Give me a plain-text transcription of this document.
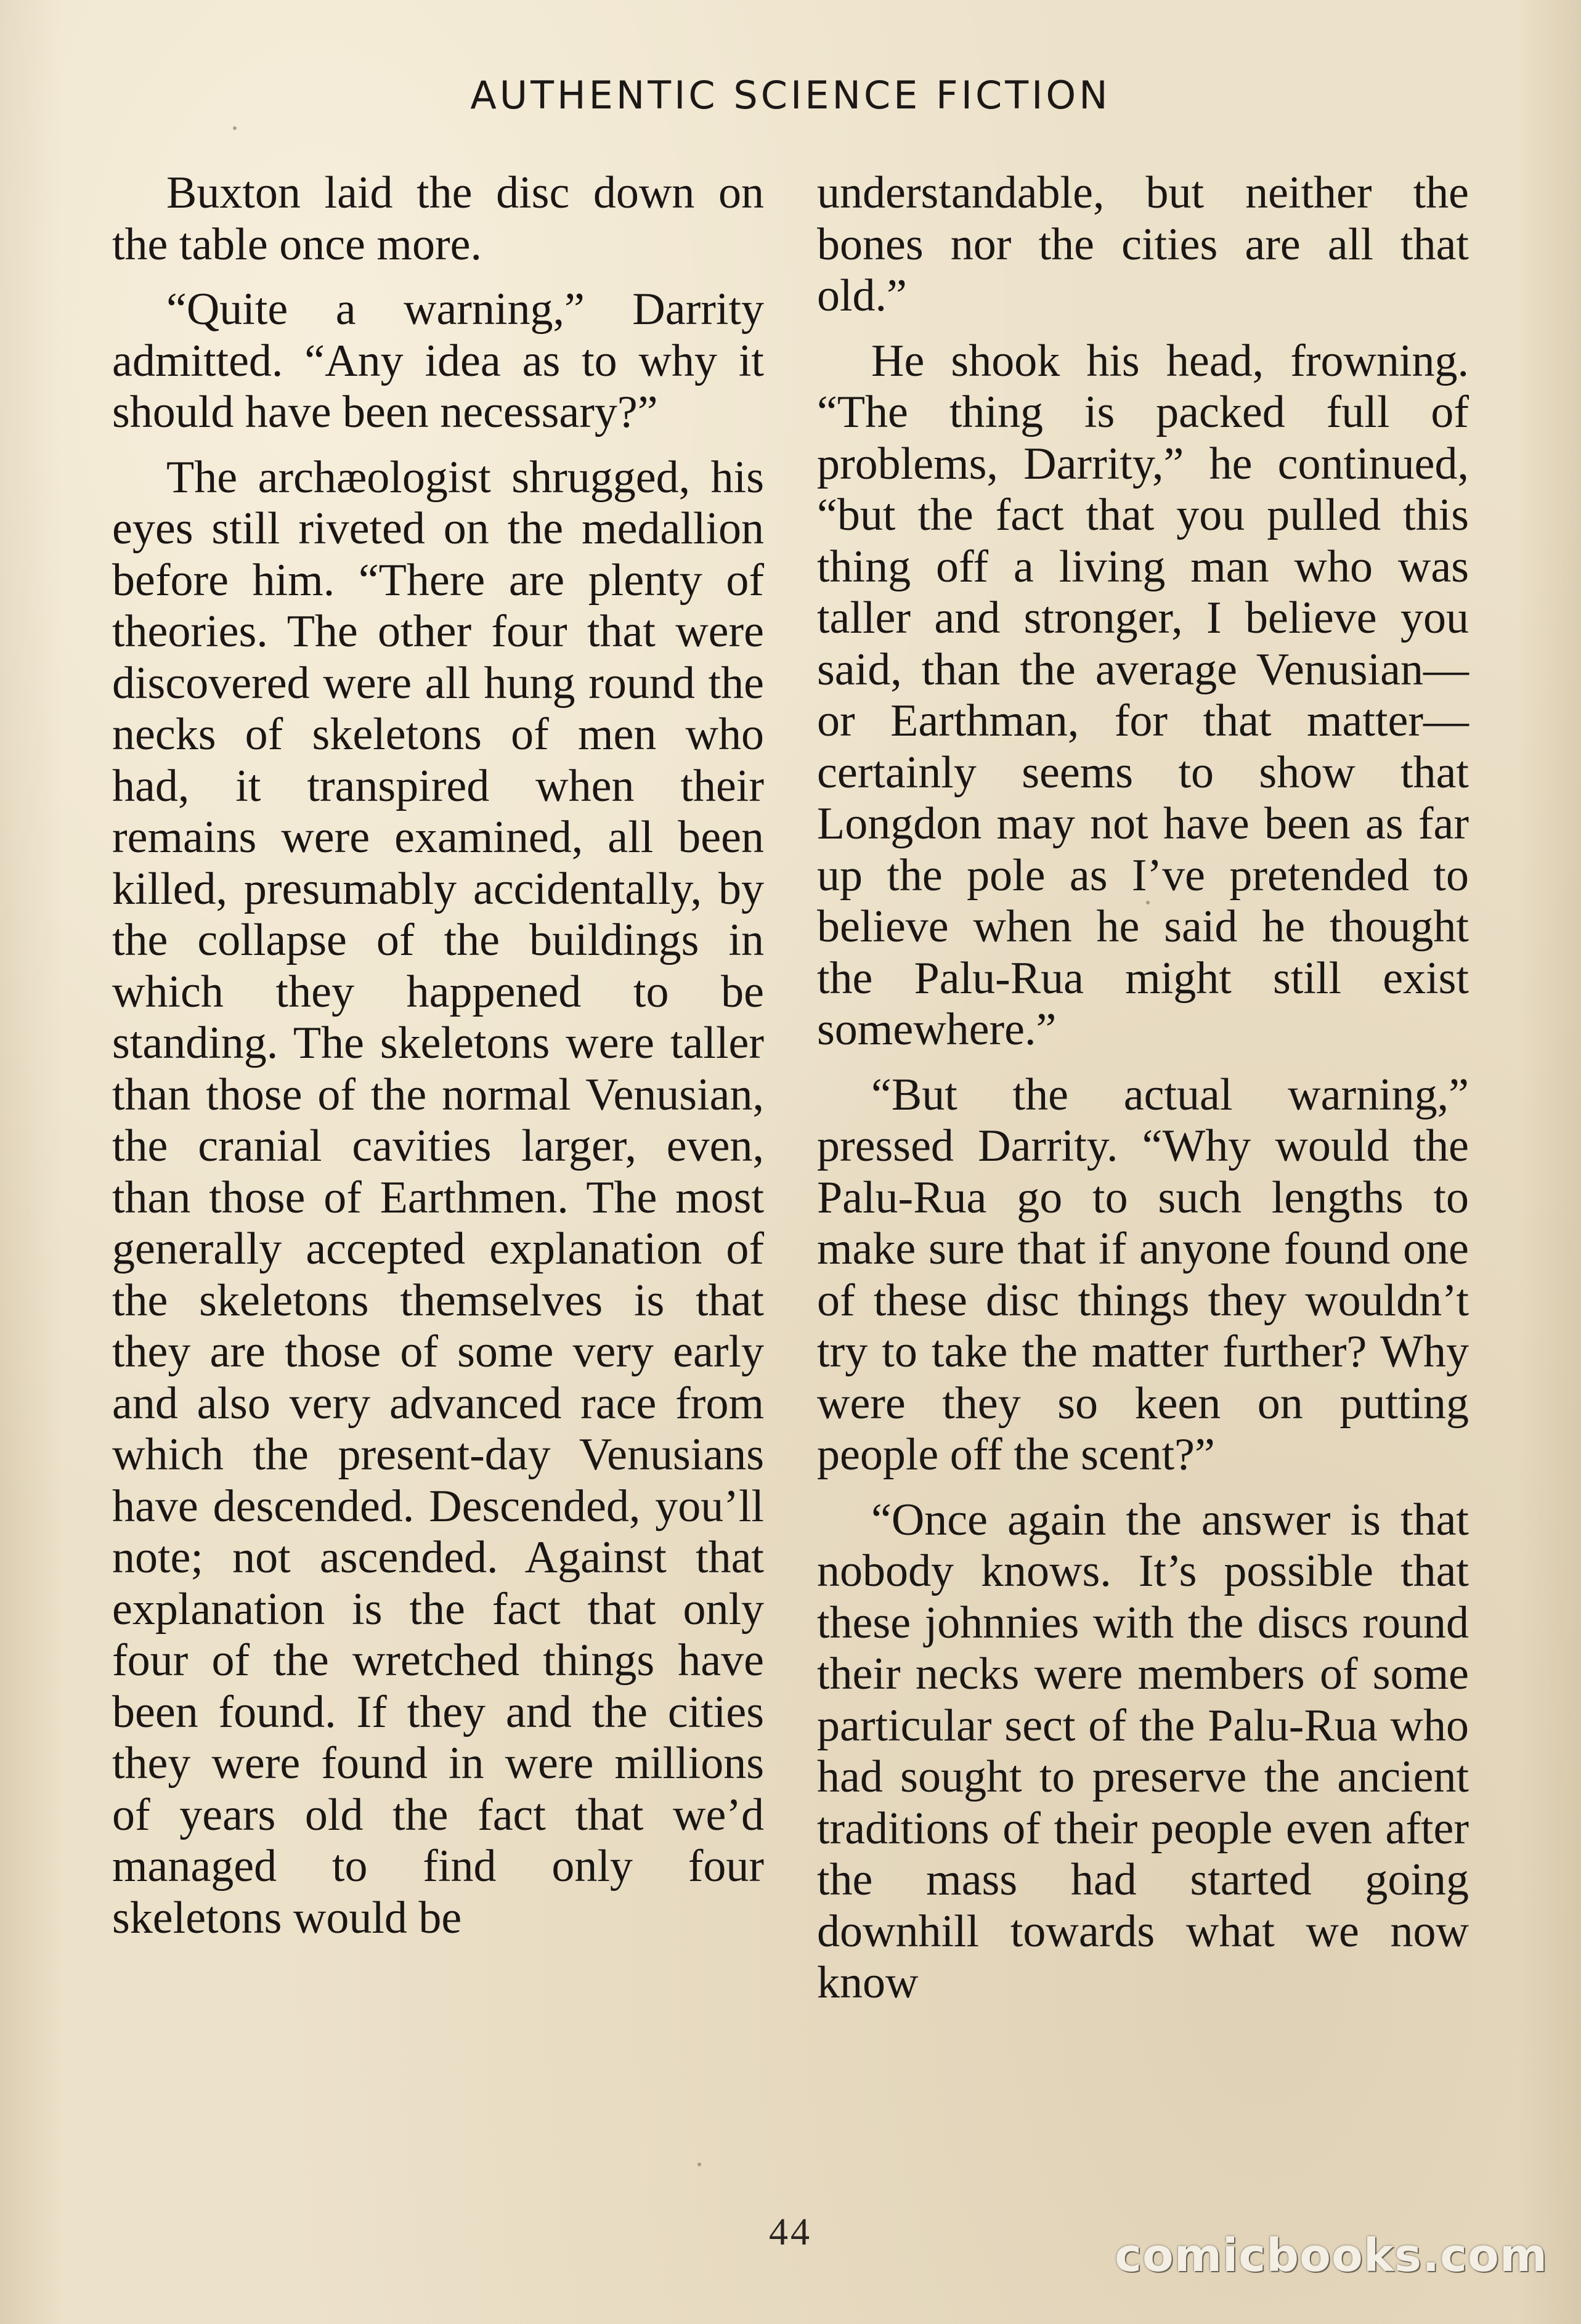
AUTHENTIC SCIENCE FICTION

Buxton laid the disc down on the table once more.

“Quite a warning,” Darrity admitted. “Any idea as to why it should have been necessary?”

The archæologist shrugged, his eyes still riveted on the medallion before him. “There are plenty of theories. The other four that were discovered were all hung round the necks of skeletons of men who had, it transpired when their remains were examined, all been killed, presumably accidentally, by the collapse of the buildings in which they happened to be standing. The skeletons were taller than those of the normal Venusian, the cranial cavities larger, even, than those of Earthmen. The most generally accepted explanation of the skeletons themselves is that they are those of some very early and also very advanced race from which the present-day Venusians have descended. Descended, you’ll note; not ascended. Against that explanation is the fact that only four of the wretched things have been found. If they and the cities they were found in were millions of years old the fact that we’d managed to find only four skeletons would be

understandable, but neither the bones nor the cities are all that old.”

He shook his head, frowning. “The thing is packed full of problems, Darrity,” he continued, “but the fact that you pulled this thing off a living man who was taller and stronger, I believe you said, than the average Venusian—or Earthman, for that matter—certainly seems to show that Longdon may not have been as far up the pole as I’ve pretended to believe when he said he thought the Palu-Rua might still exist somewhere.”

“But the actual warning,” pressed Darrity. “Why would the Palu-Rua go to such lengths to make sure that if anyone found one of these disc things they wouldn’t try to take the matter further? Why were they so keen on putting people off the scent?”

“Once again the answer is that nobody knows. It’s possible that these johnnies with the discs round their necks were members of some particular sect of the Palu-Rua who had sought to preserve the ancient traditions of their people even after the mass had started going downhill towards what we now know

44	comicbooks.com
